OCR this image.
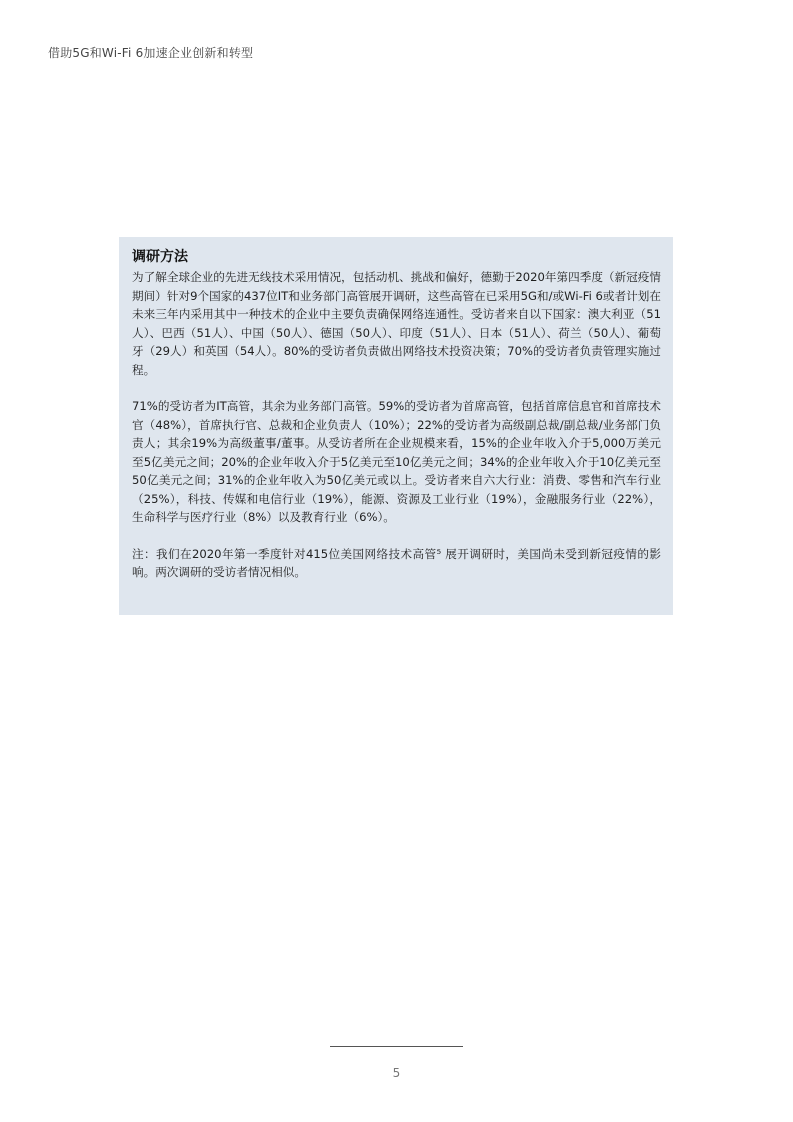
借助5G和Wi-Fi 6加速企业创新和转型
调研方法

为了解全球企业的先进无线技术采用情况，包括动机、挑战和偏好，德勤于2020年第四季度（新冠疫情期间）针对9个国家的437位IT和业务部门高管展开调研，这些高管在已采用5G和/或Wi-Fi 6或者计划在未来三年内采用其中一种技术的企业中主要负责确保网络连通性。受访者来自以下国家：澳大利亚（51人）、巴西（51人）、中国（50人）、德国（50人）、印度（51人）、日本（51人）、荷兰（50人）、葡萄牙（29人）和英国（54人）。80%的受访者负责做出网络技术投资决策；70%的受访者负责管理实施过程。

71%的受访者为IT高管，其余为业务部门高管。59%的受访者为首席高管，包括首席信息官和首席技术官（48%），首席执行官、总裁和企业负责人（10%）；22%的受访者为高级副总裁/副总裁/业务部门负责人；其余19%为高级董事/董事。从受访者所在企业规模来看，15%的企业年收入介于5,000万美元至5亿美元之间；20%的企业年收入介于5亿美元至10亿美元之间；34%的企业年收入介于10亿美元至50亿美元之间；31%的企业年收入为50亿美元或以上。受访者来自六大行业：消费、零售和汽车行业（25%），科技、传媒和电信行业（19%），能源、资源及工业行业（19%），金融服务行业（22%），生命科学与医疗行业（8%）以及教育行业（6%）。

注：我们在2020年第一季度针对415位美国网络技术高管⁵ 展开调研时，美国尚未受到新冠疫情的影响。两次调研的受访者情况相似。

5
